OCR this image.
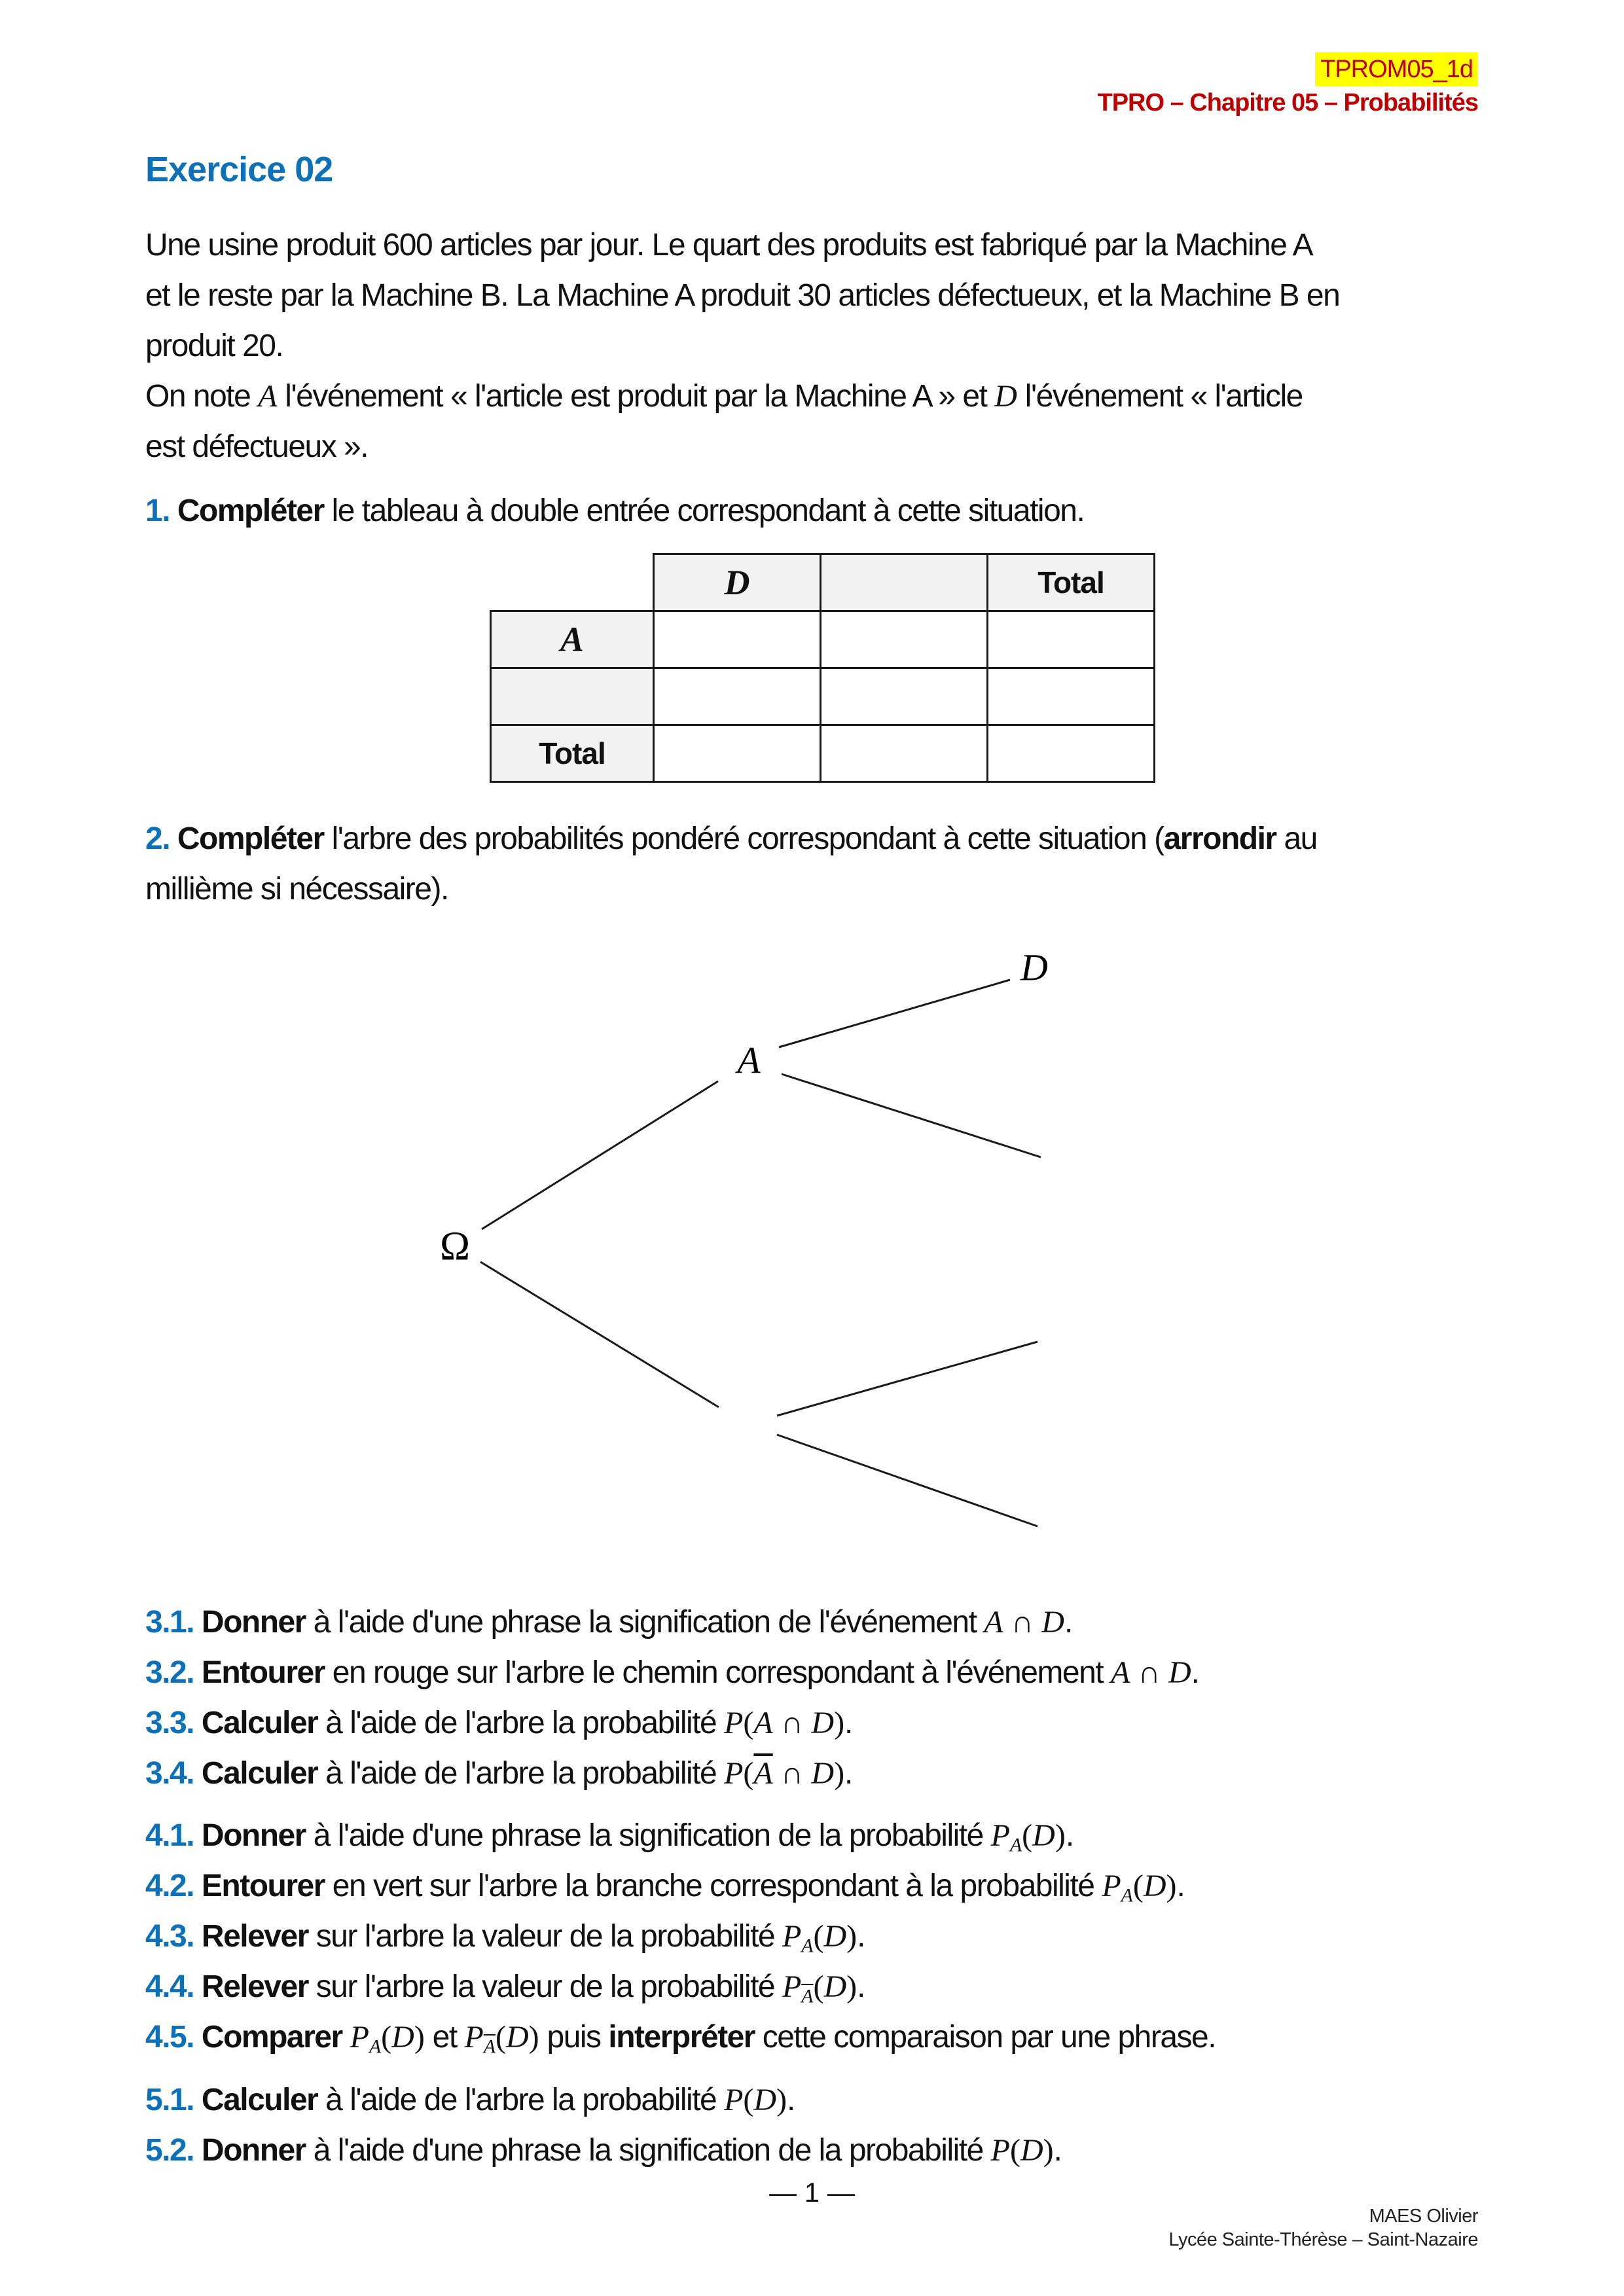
TPROM05_1d
TPRO – Chapitre 05 – Probabilités
Exercice 02
Une usine produit 600 articles par jour. Le quart des produits est fabriqué par la Machine A
et le reste par la Machine B. La Machine A produit 30 articles défectueux, et la Machine B en
produit 20.
On note A l'événement « l'article est produit par la Machine A » et D l'événement « l'article
est défectueux ».
1. Compléter le tableau à double entrée correspondant à cette situation.
	D		Total
A			

Total			
2. Compléter l'arbre des probabilités pondéré correspondant à cette situation (arrondir au
millième si nécessaire).
Ω
A
D
3.1. Donner à l'aide d'une phrase la signification de l'événement A ∩ D.
3.2. Entourer en rouge sur l'arbre le chemin correspondant à l'événement A ∩ D.
3.3. Calculer à l'aide de l'arbre la probabilité P(A ∩ D).
3.4. Calculer à l'aide de l'arbre la probabilité $P(\overline{A}$ ∩ D).
4.1. Donner à l'aide d'une phrase la signification de la probabilité PA(D).
4.2. Entourer en vert sur l'arbre la branche correspondant à la probabilité PA(D).
4.3. Relever sur l'arbre la valeur de la probabilité PA(D).
4.4. Relever sur l'arbre la valeur de la probabilité $P\overline{A}(D)$.
4.5. Comparer PA(D) et $P\overline{A}(D)$ puis interpréter cette comparaison par une phrase.
5.1. Calculer à l'aide de l'arbre la probabilité P(D).
5.2. Donner à l'aide d'une phrase la signification de la probabilité P(D).
— 1 —
MAES Olivier
Lycée Sainte-Thérèse – Saint-Nazaire
